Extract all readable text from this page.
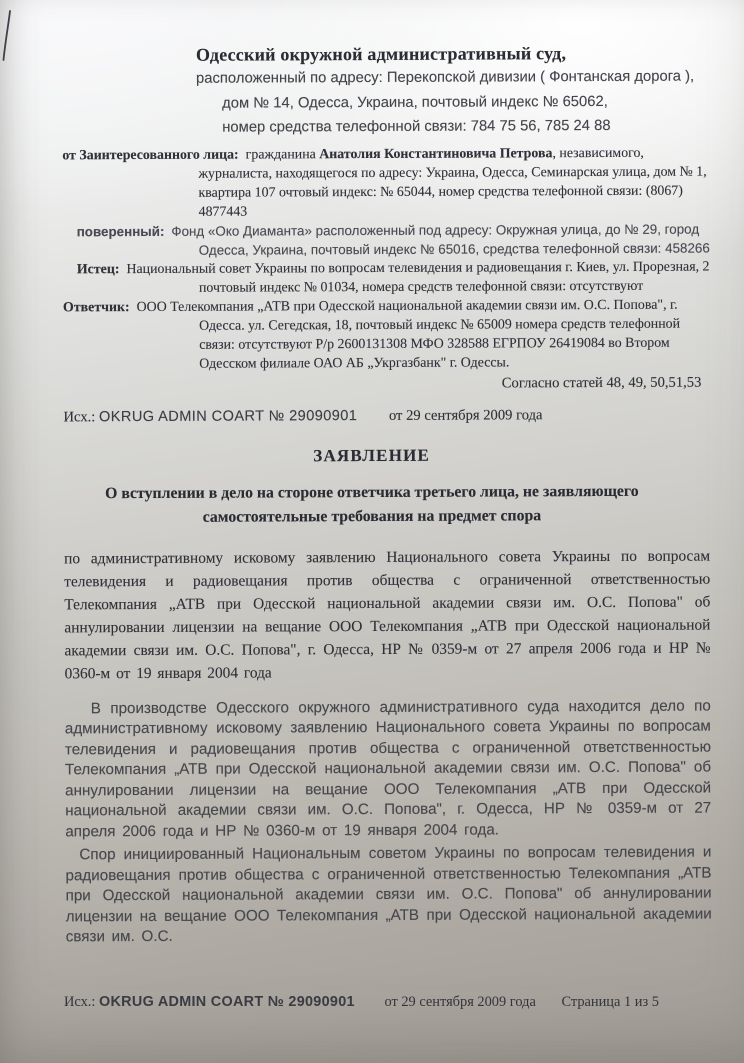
Одесский окружной административный суд,
расположенный по адресу: Перекопской дивизии ( Фонтанская дорога ),
дом № 14, Одесса, Украина, почтовый индекс № 65062,
номер средства телефонной связи: 784 75 56, 785 24 88
от Заинтересованного лица: гражданина Анатолия Константиновича Петрова, независимого, журналиста, находящегося по адресу: Украина, Одесса, Семинарская улица, дом № 1, квартира 107 очтовый индекс: № 65044, номер средства телефонной связи: (8067) 4877443
поверенный: Фонд «Око Диаманта» расположенный под адресу: Окружная улица, до № 29, город Одесса, Украина, почтовый индекс № 65016, средства телефонной связи: 458266
Истец: Национальный совет Украины по вопросам телевидения и радиовещания г. Киев, ул. Прорезная, 2 почтовый индекс № 01034, номера средств телефонной связи: отсутствуют
Ответчик: ООО Телекомпания „АТВ при Одесской национальной академии связи им. О.С. Попова", г. Одесса. ул. Сегедская, 18, почтовый индекс № 65009 номера средств телефонной связи: отсутствуют Р/р 2600131308 МФО 328588 ЕГРПОУ 26419084 во Втором Одесском филиале ОАО АБ „Укргазбанк" г. Одессы.
Согласно статей 48, 49, 50,51,53
Исх.: OKRUG ADMIN COART № 29090901 от 29 сентября 2009 года
ЗАЯВЛЕНИЕ
О вступлении в дело на стороне ответчика третьего лица, не заявляющего самостоятельные требования на предмет спора
по административному исковому заявлению Национального совета Украины по вопросам телевидения и радиовещания против общества с ограниченной ответственностью Телекомпания „АТВ при Одесской национальной академии связи им. О.С. Попова" об аннулировании лицензии на вещание ООО Телекомпания „АТВ при Одесской национальной академии связи им. О.С. Попова", г. Одесса, НР № 0359-м от 27 апреля 2006 года и НР № 0360-м от 19 января 2004 года
В производстве Одесского окружного административного суда находится дело по административному исковому заявлению Национального совета Украины по вопросам телевидения и радиовещания против общества с ограниченной ответственностью Телекомпания „АТВ при Одесской национальной академии связи им. О.С. Попова" об аннулировании лицензии на вещание ООО Телекомпания „АТВ при Одесской национальной академии связи им. О.С. Попова", г. Одесса, НР № 0359-м от 27 апреля 2006 года и НР № 0360-м от 19 января 2004 года.
Спор инициированный Национальным советом Украины по вопросам телевидения и радиовещания против общества с ограниченной ответственностью Телекомпания „АТВ при Одесской национальной академии связи им. О.С. Попова" об аннулировании лицензии на вещание ООО Телекомпания „АТВ при Одесской национальной академии связи им. О.С.
Исх.: OKRUG ADMIN COART № 29090901 от 29 сентября 2009 года Страница 1 из 5
